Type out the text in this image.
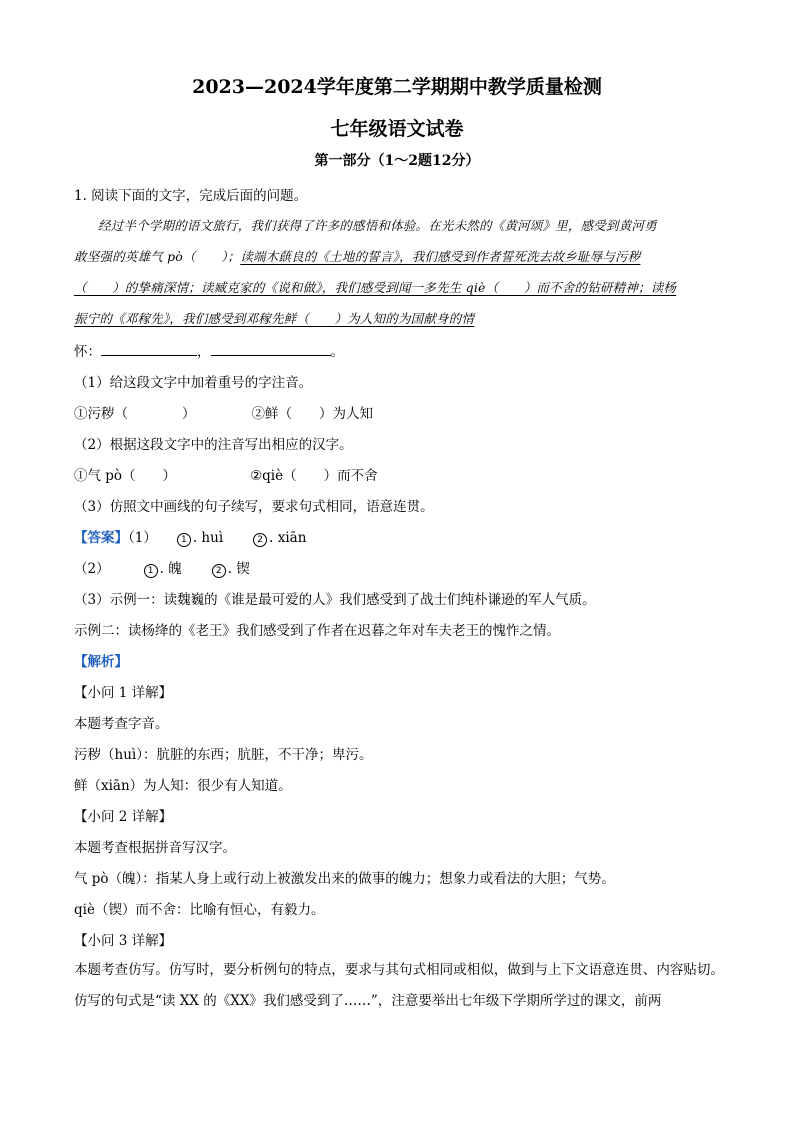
2023—2024学年度第二学期期中教学质量检测
七年级语文试卷
第一部分（1～2题12分）
1. 阅读下面的文字，完成后面的问题。
经过半个学期的语文旅行，我们获得了许多的感悟和体验。在光未然的《黄河颂》里，感受到黄河勇
敢坚强的英雄气 pò（　　）；读端木蕻良的《土地的誓言》，我们感受到作者誓死洗去故乡耻辱与污秽
（　　）的挚痛深情；读臧克家的《说和做》，我们感受到闻一多先生 qiè（　　）而不舍的钻研精神；读杨
振宁的《邓稼先》，我们感受到邓稼先鲜（　　）为人知的为国献身的情
怀：	，	。
（1）给这段文字中加着重号的字注音。
①污秽（　　　　）	②鲜（　　）为人知
（2）根据这段文字中的注音写出相应的汉字。
①气 pò（　　）	②qiè（　　）而不舍
（3）仿照文中画线的句子续写，要求句式相同，语意连贯。
【答案】（1）	1 . huì	2 . xiān
（2）	1 . 魄	2 . 锲
（3）示例一：读魏巍的《谁是最可爱的人》我们感受到了战士们纯朴谦逊的军人气质。
示例二：读杨绛的《老王》我们感受到了作者在迟暮之年对车夫老王的愧怍之情。
【解析】
【小问 1 详解】
本题考查字音。
污秽（huì）：肮脏的东西；肮脏，不干净；卑污。
鲜（xiān）为人知：很少有人知道。
【小问 2 详解】
本题考查根据拼音写汉字。
气 pò（魄）：指某人身上或行动上被激发出来的做事的魄力；想象力或看法的大胆；气势。
qiè（锲）而不舍：比喻有恒心，有毅力。
【小问 3 详解】
本题考查仿写。仿写时，要分析例句的特点，要求与其句式相同或相似，做到与上下文语意连贯、内容贴切。仿写的句式是“读 XX 的《XX》我们感受到了……”，注意要举出七年级下学期所学过的课文，前两
